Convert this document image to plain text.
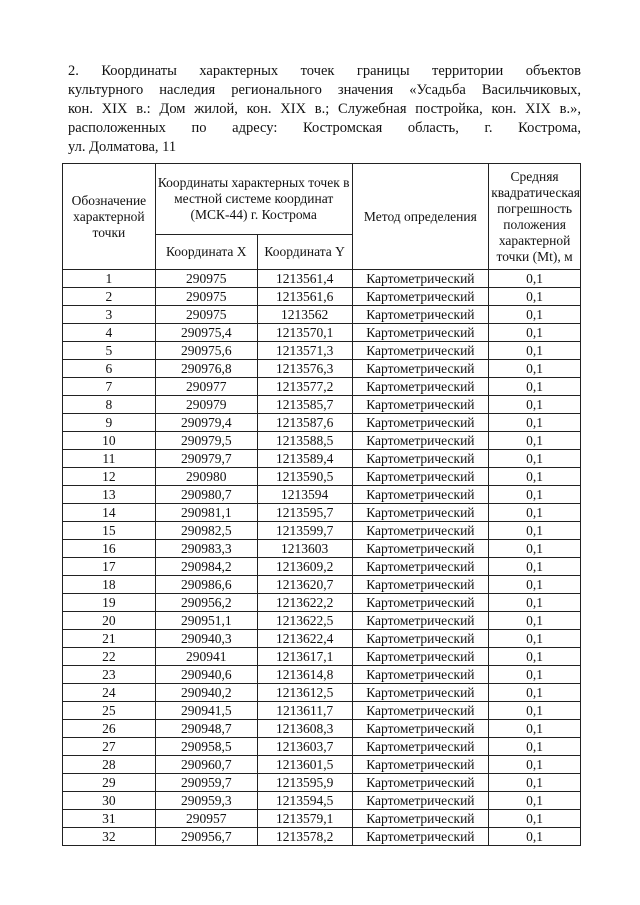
2. Координаты характерных точек границы территории объектов
культурного наследия регионального значения «Усадьба Васильчиковых,
кон. XIX в.: Дом жилой, кон. XIX в.; Служебная постройка, кон. XIX в.»,
расположенных по адресу: Костромская область, г. Кострома,
ул. Долматова, 11
Обозначение характерной точки	Координаты характерных точек в местной системе координат (МСК-44) г. Кострома		Метод определения	Средняя квадратическая погрешность положения характерной точки (Mt), м
	Координата X	Координата Y		
1	290975	1213561,4	Картометрический	0,1
2	290975	1213561,6	Картометрический	0,1
3	290975	1213562	Картометрический	0,1
4	290975,4	1213570,1	Картометрический	0,1
5	290975,6	1213571,3	Картометрический	0,1
6	290976,8	1213576,3	Картометрический	0,1
7	290977	1213577,2	Картометрический	0,1
8	290979	1213585,7	Картометрический	0,1
9	290979,4	1213587,6	Картометрический	0,1
10	290979,5	1213588,5	Картометрический	0,1
11	290979,7	1213589,4	Картометрический	0,1
12	290980	1213590,5	Картометрический	0,1
13	290980,7	1213594	Картометрический	0,1
14	290981,1	1213595,7	Картометрический	0,1
15	290982,5	1213599,7	Картометрический	0,1
16	290983,3	1213603	Картометрический	0,1
17	290984,2	1213609,2	Картометрический	0,1
18	290986,6	1213620,7	Картометрический	0,1
19	290956,2	1213622,2	Картометрический	0,1
20	290951,1	1213622,5	Картометрический	0,1
21	290940,3	1213622,4	Картометрический	0,1
22	290941	1213617,1	Картометрический	0,1
23	290940,6	1213614,8	Картометрический	0,1
24	290940,2	1213612,5	Картометрический	0,1
25	290941,5	1213611,7	Картометрический	0,1
26	290948,7	1213608,3	Картометрический	0,1
27	290958,5	1213603,7	Картометрический	0,1
28	290960,7	1213601,5	Картометрический	0,1
29	290959,7	1213595,9	Картометрический	0,1
30	290959,3	1213594,5	Картометрический	0,1
31	290957	1213579,1	Картометрический	0,1
32	290956,7	1213578,2	Картометрический	0,1
